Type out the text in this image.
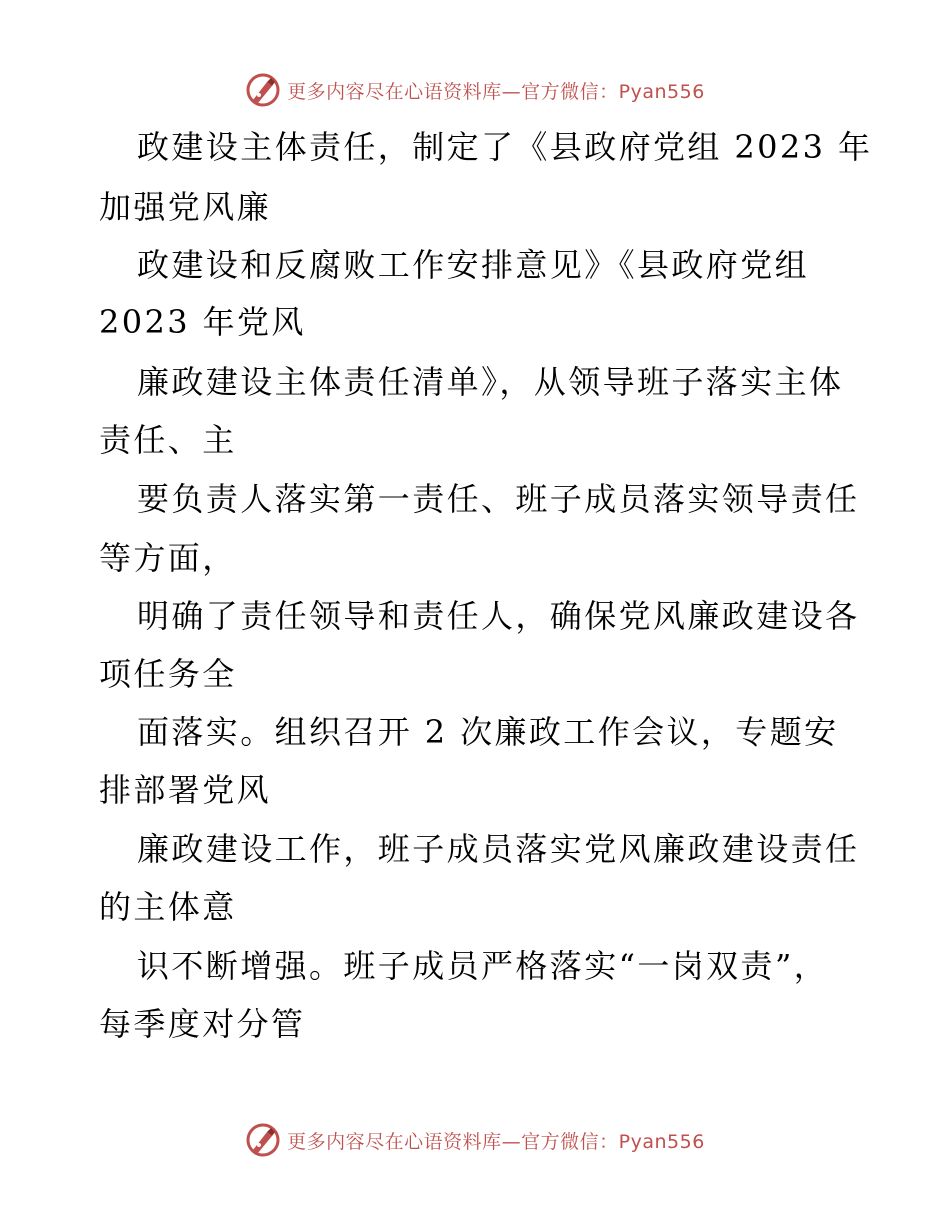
更多内容尽在心语资料库—官方微信：Pyan556
政建设主体责任，制定了《县政府党组 2023 年
加强党风廉
政建设和反腐败工作安排意见》《县政府党组
2023 年党风
廉政建设主体责任清单》，从领导班子落实主体
责任、主
要负责人落实第一责任、班子成员落实领导责任
等方面，
明确了责任领导和责任人，确保党风廉政建设各
项任务全
面落实。组织召开 2 次廉政工作会议，专题安
排部署党风
廉政建设工作，班子成员落实党风廉政建设责任
的主体意
识不断增强。班子成员严格落实“一岗双责”，
每季度对分管
更多内容尽在心语资料库—官方微信：Pyan556
